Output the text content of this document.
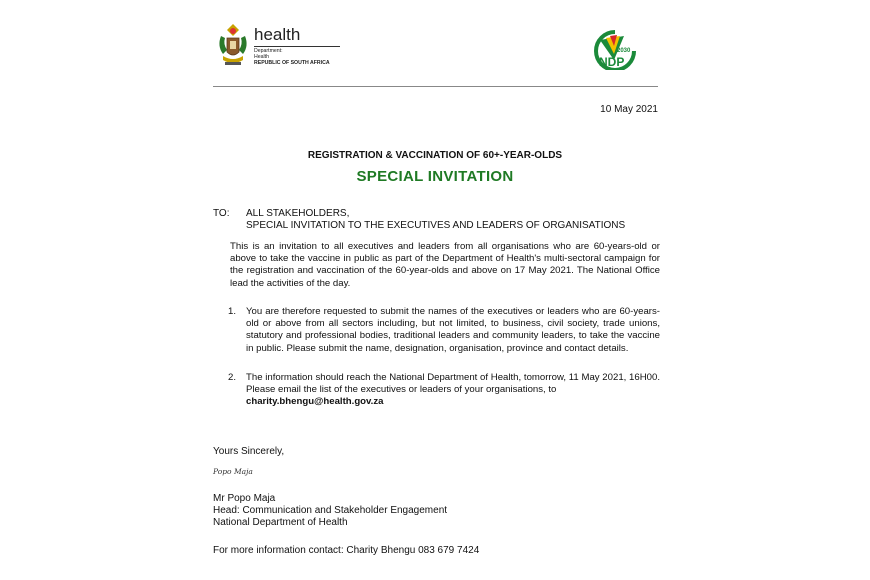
health
Department:
Health
REPUBLIC OF SOUTH AFRICA
2030
NDP
10 May 2021
REGISTRATION & VACCINATION OF 60+-YEAR-OLDS
SPECIAL INVITATION
TO: ALL STAKEHOLDERS,
SPECIAL INVITATION TO THE EXECUTIVES AND LEADERS OF ORGANISATIONS
This is an invitation to all executives and leaders from all organisations who are 60-years-old or above to take the vaccine in public as part of the Department of Health's multi-sectoral campaign for the registration and vaccination of the 60-year-olds and above on 17 May 2021. The National Office lead the activities of the day.
1. You are therefore requested to submit the names of the executives or leaders who are 60-years-old or above from all sectors including, but not limited, to business, civil society, trade unions, statutory and professional bodies, traditional leaders and community leaders, to take the vaccine in public. Please submit the name, designation, organisation, province and contact details.
2. The information should reach the National Department of Health, tomorrow, 11 May 2021, 16H00. Please email the list of the executives or leaders of your organisations, to
charity.bhengu@health.gov.za
Yours Sincerely,
Popo Maja
Mr Popo Maja
Head: Communication and Stakeholder Engagement
National Department of Health
For more information contact: Charity Bhengu 083 679 7424
